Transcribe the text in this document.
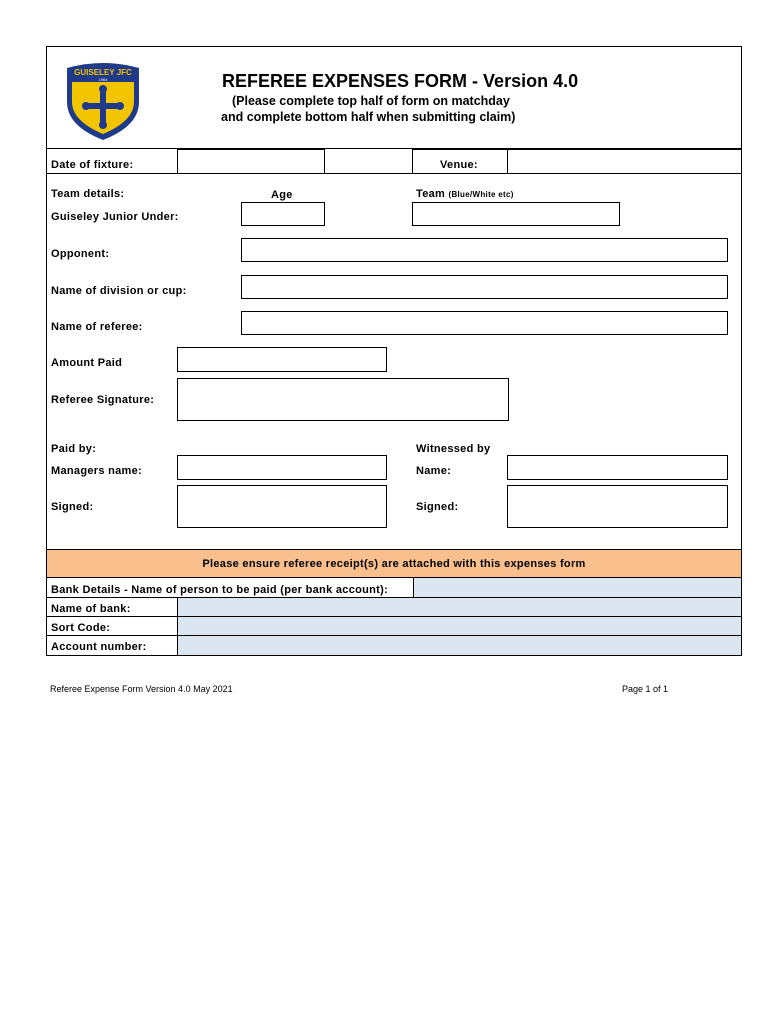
GUISELEY JFC
1964	REFEREE EXPENSES FORM - Version 4.0
(Please complete top half of form on matchday
and complete bottom half when submitting claim)
Date of fixture:	Venue:
Team details:	Age	Team (Blue/White etc)
Guiseley Junior Under:
Opponent:
Name of division or cup:
Name of referee:
Amount Paid
Referee Signature:
Paid by:	Witnessed by
Managers name:	Name:
Signed:	Signed:
Please ensure referee receipt(s) are attached with this expenses form
Bank Details - Name of person to be paid (per bank account):
Name of bank:
Sort Code:
Account number:
Referee Expense Form Version 4.0 May 2021	Page 1 of 1
